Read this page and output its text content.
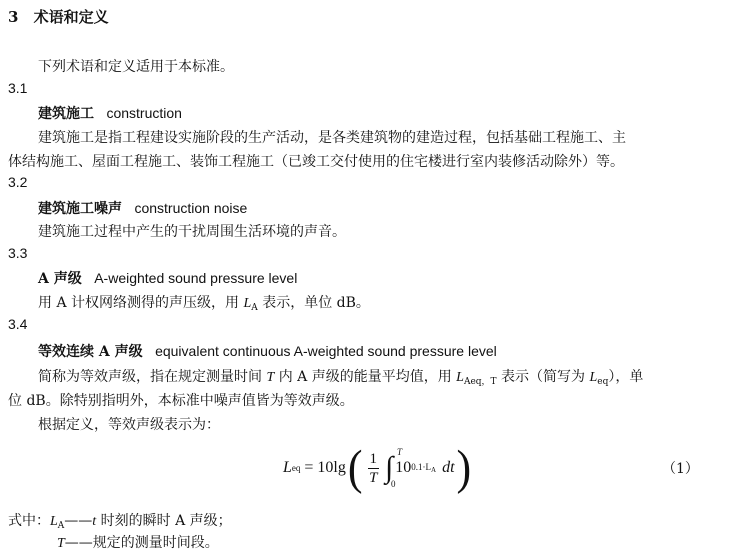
3 术语和定义
下列术语和定义适用于本标准。
3.1
建筑施工 construction
建筑施工是指工程建设实施阶段的生产活动，是各类建筑物的建造过程，包括基础工程施工、主
体结构施工、屋面工程施工、装饰工程施工（已竣工交付使用的住宅楼进行室内装修活动除外）等。
3.2
建筑施工噪声 construction noise
建筑施工过程中产生的干扰周围生活环境的声音。
3.3
A 声级 A-weighted sound pressure level
用 A 计权网络测得的声压级，用 $L_A$ 表示，单位 dB。
3.4
等效连续 A 声级 equivalent continuous A-weighted sound pressure level
简称为等效声级，指在规定测量时间 T 内 A 声级的能量平均值，用 $L_{Aeq,T}$ 表示（简写为 $L_{eq}$），单
位 dB。除特别指明外，本标准中噪声值皆为等效声级。
根据定义，等效声级表示为：
L eq = 10lg ( $\frac{1}{T}$ ∫ T
0
10 $0.1\cdot L_A$ dt )	（1）
式中：$L_A——t$ 时刻的瞬时 A 声级；
T——规定的测量时间段。
